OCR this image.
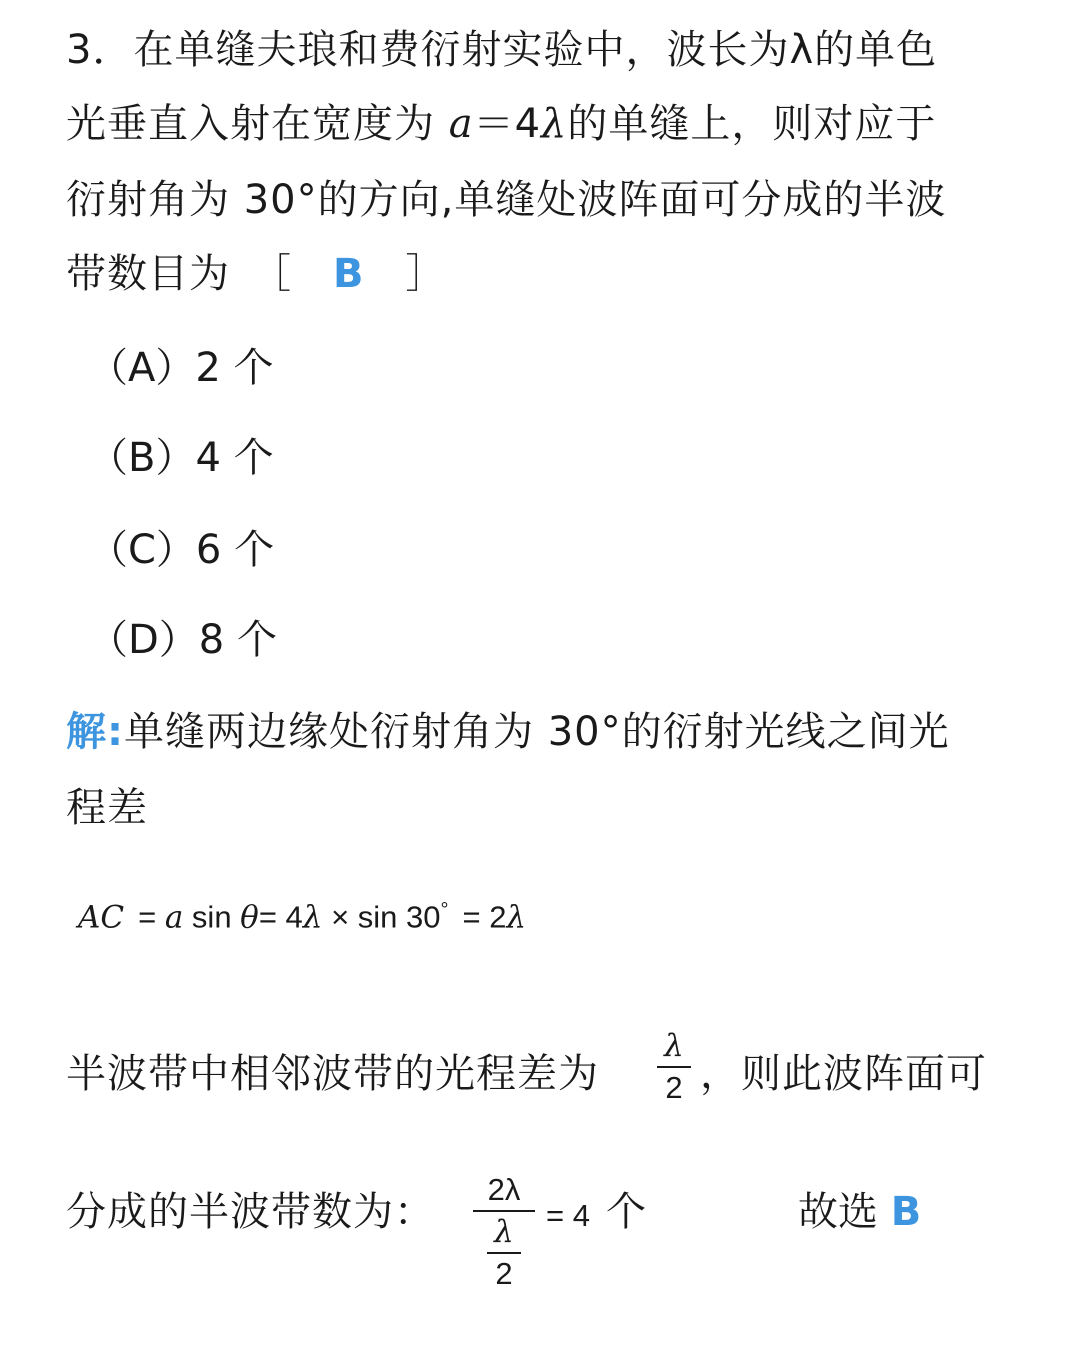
3．在单缝夫琅和费衍射实验中，波长为λ的单色
光垂直入射在宽度为 a＝4λ的单缝上，则对应于
衍射角为 30°的方向,单缝处波阵面可分成的半波
带数目为　［　B　］
（A）2 个
（B）4 个
（C）6 个
（D）8 个
解:单缝两边缘处衍射角为 30°的衍射光线之间光
程差
AC = a sin θ= 4λ × sin 30° = 2λ
半波带中相邻波带的光程差为
λ
2 ，则此波阵面可
分成的半波带数为：	2λ
λ
2
= 4 个	故选 B
